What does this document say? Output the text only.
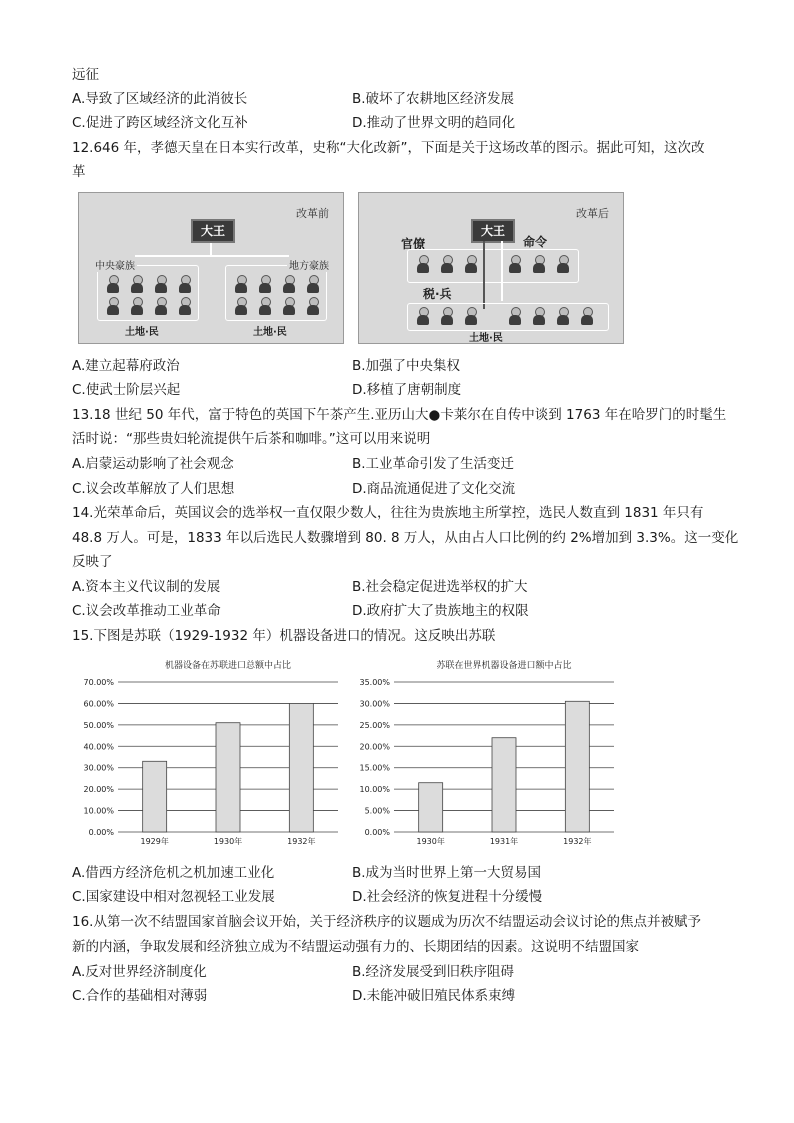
远征
A.导致了区域经济的此消彼长	B.破坏了农耕地区经济发展
C.促进了跨区域经济文化互补	D.推动了世界文明的趋同化
12.646 年，孝德天皇在日本实行改革，史称“大化改新”，下面是关于这场改革的图示。据此可知，这次改
革
改革前
大王
中央豪族	地方豪族
土地·民	土地·民
改革后
大王
官僚	命令
税·兵
土地·民
A.建立起幕府政治	B.加强了中央集权
C.使武士阶层兴起	D.移植了唐朝制度
13.18 世纪 50 年代，富于特色的英国下午茶产生.亚历山大●卡莱尔在自传中谈到 1763 年在哈罗门的时髦生
活时说：“那些贵妇轮流提供午后茶和咖啡。”这可以用来说明
A.启蒙运动影响了社会观念	B.工业革命引发了生活变迁
C.议会改革解放了人们思想	D.商品流通促进了文化交流
14.光荣革命后，英国议会的选举权一直仅限少数人，往往为贵族地主所掌控，选民人数直到 1831 年只有
48.8 万人。可是，1833 年以后选民人数骤增到 80. 8 万人，从由占人口比例的约 2%增加到 3.3%。这一变化
反映了
A.资本主义代议制的发展	B.社会稳定促进选举权的扩大
C.议会改革推动工业革命	D.政府扩大了贵族地主的权限
15.下图是苏联（1929-1932 年）机器设备进口的情况。这反映出苏联
机器设备在苏联进口总额中占比
0.00%
10.00%
20.00%
30.00%
40.00%
50.00%
60.00%
70.00%
1929年	1930年	1932年
苏联在世界机器设备进口额中占比
0.00%
5.00%
10.00%
15.00%
20.00%
25.00%
30.00%
35.00%
1930年	1931年	1932年
A.借西方经济危机之机加速工业化	B.成为当时世界上第一大贸易国
C.国家建设中相对忽视轻工业发展	D.社会经济的恢复进程十分缓慢
16.从第一次不结盟国家首脑会议开始，关于经济秩序的议题成为历次不结盟运动会议讨论的焦点并被赋予
新的内涵，争取发展和经济独立成为不结盟运动强有力的、长期团结的因素。这说明不结盟国家
A.反对世界经济制度化	B.经济发展受到旧秩序阻碍
C.合作的基础相对薄弱	D.未能冲破旧殖民体系束缚
